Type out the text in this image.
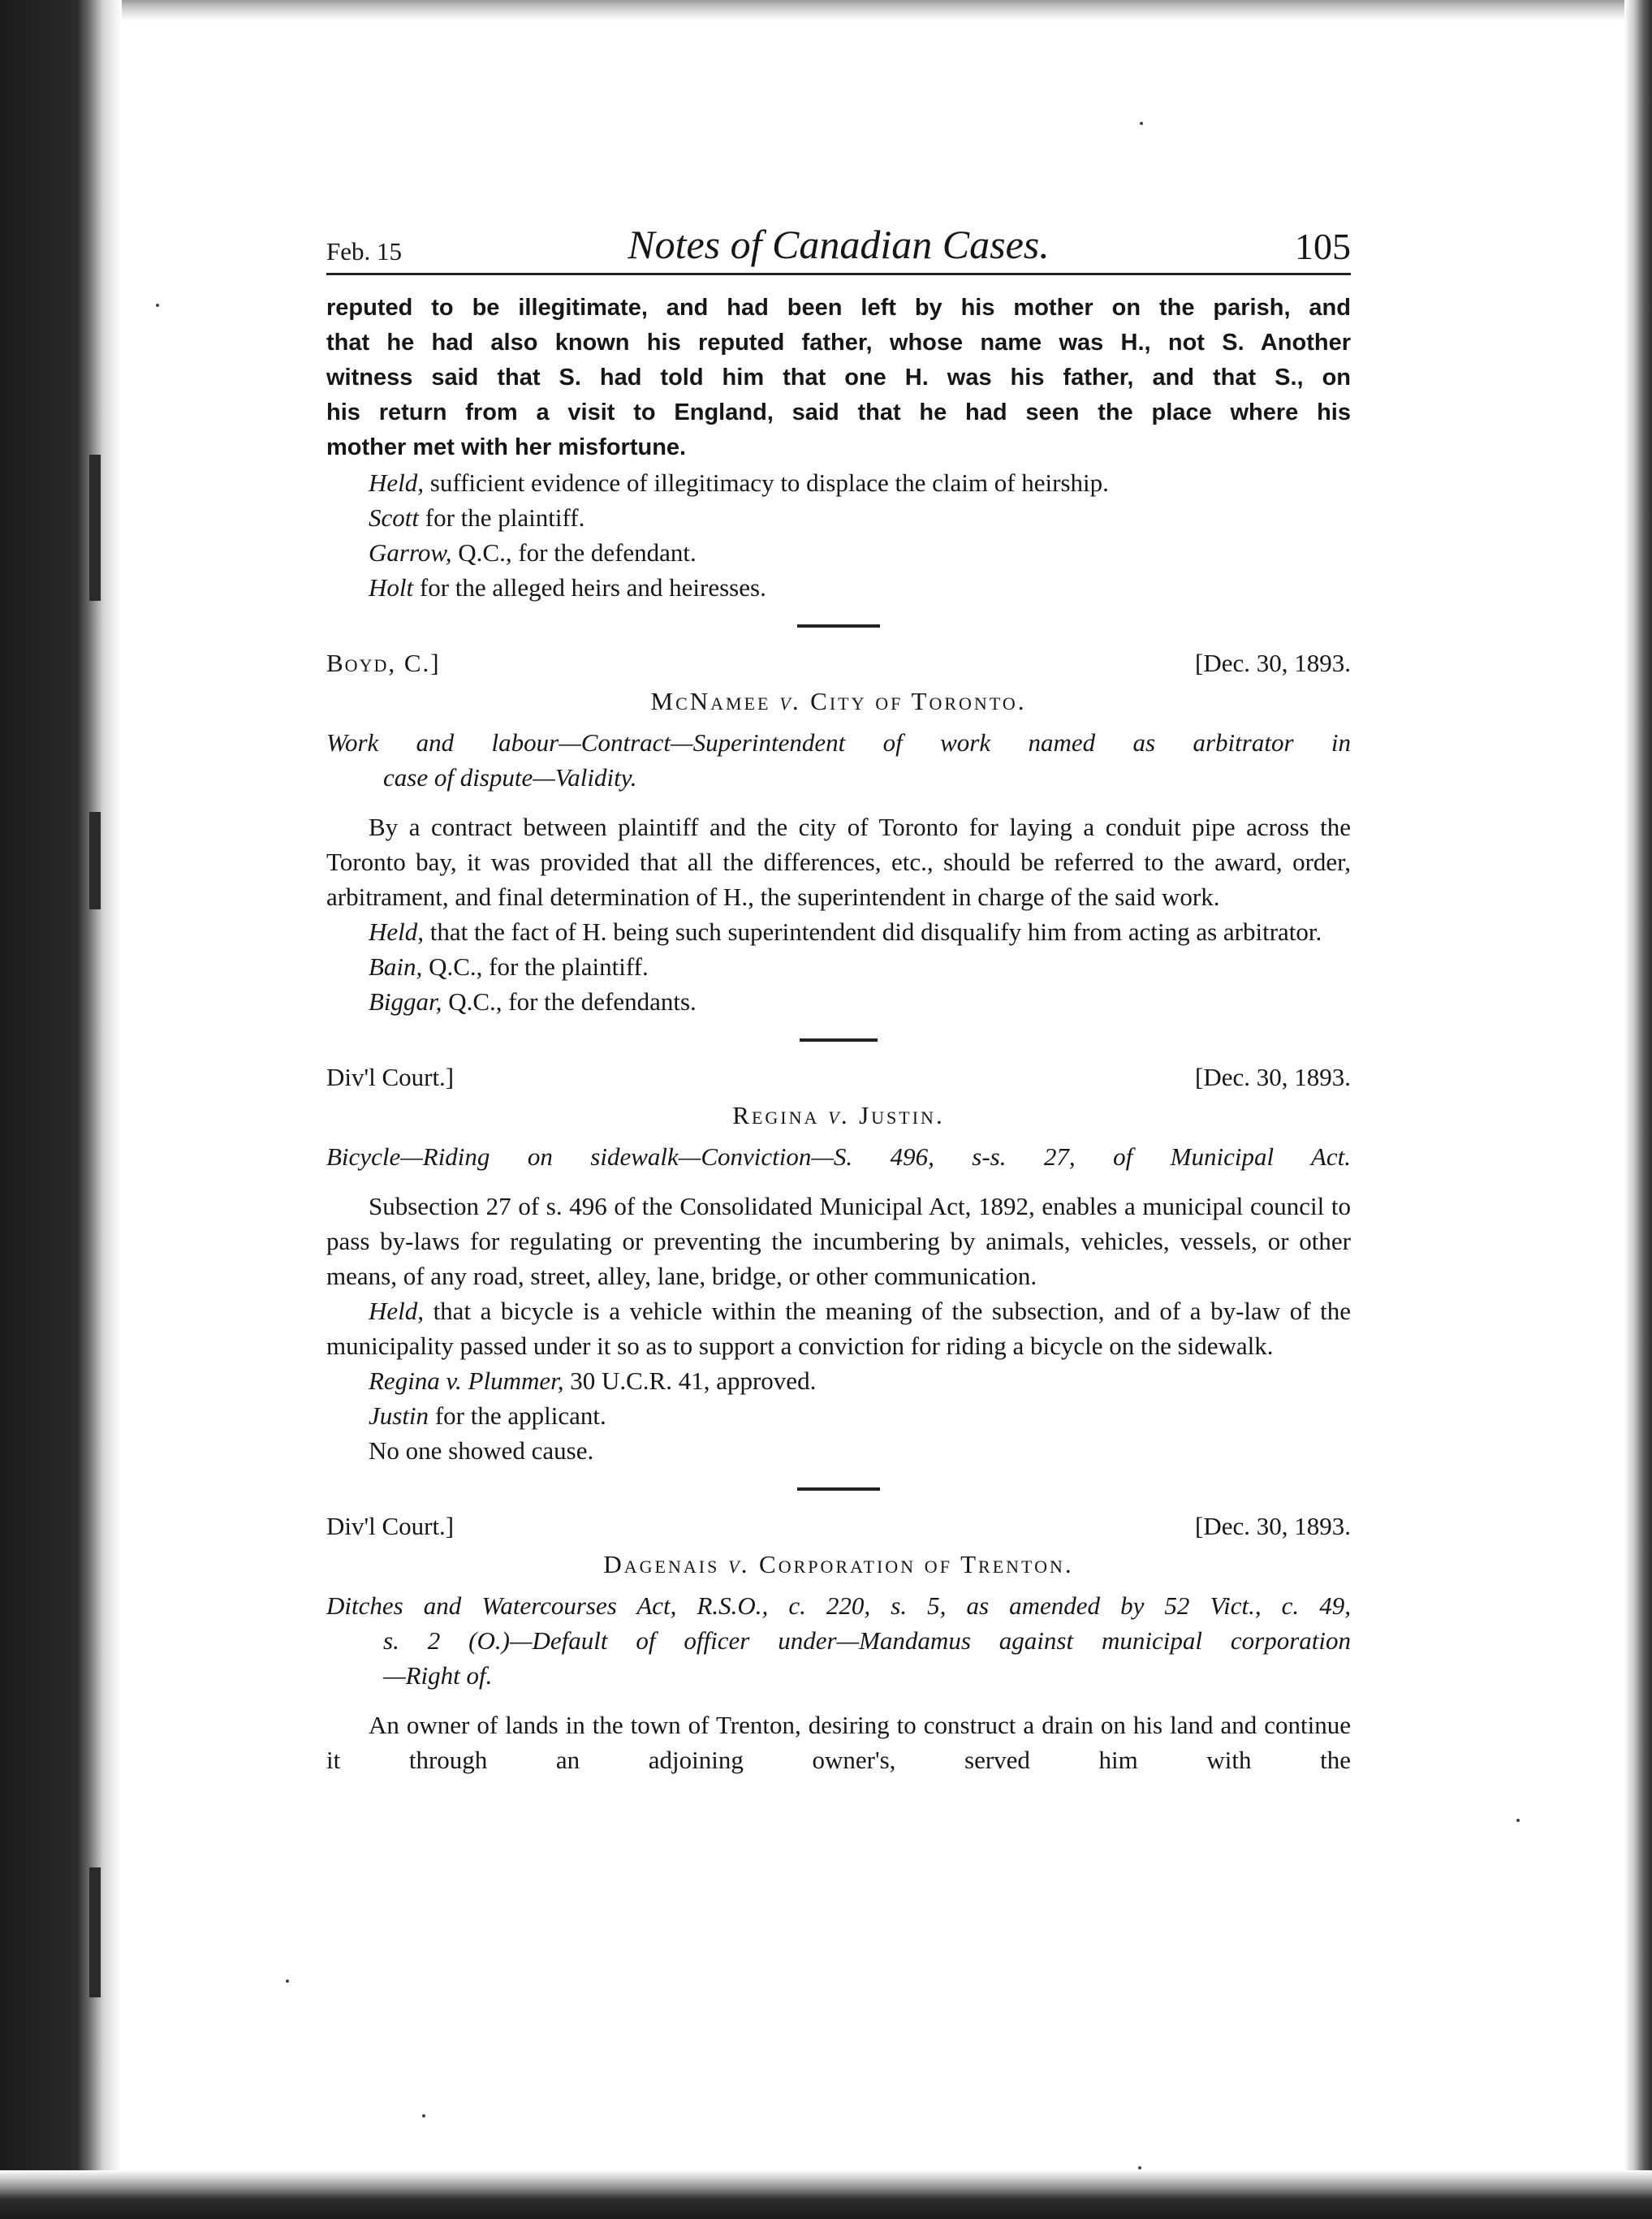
Feb. 15	Notes of Canadian Cases.	105

reputed to be illegitimate, and had been left by his mother on the parish, and

that he had also known his reputed father, whose name was H., not S. Another

witness said that S. had told him that one H. was his father, and that S., on

his return from a visit to England, said that he had seen the place where his

mother met with her misfortune.

Held, sufficient evidence of illegitimacy to displace the claim of heirship.

Scott for the plaintiff.

Garrow, Q.C., for the defendant.

Holt for the alleged heirs and heiresses.

Boyd, C.]	[Dec. 30, 1893.
McNamee v. City of Toronto.
Work and labour—Contract—Superintendent of work named as arbitrator in
case of dispute—Validity.

By a contract between plaintiff and the city of Toronto for laying a conduit pipe across the Toronto bay, it was provided that all the differences, etc., should be referred to the award, order, arbitrament, and final determination of H., the superintendent in charge of the said work.

Held, that the fact of H. being such superintendent did disqualify him from acting as arbitrator.

Bain, Q.C., for the plaintiff.

Biggar, Q.C., for the defendants.

Div'l Court.]	[Dec. 30, 1893.
Regina v. Justin.
Bicycle—Riding on sidewalk—Conviction—S. 496, s-s. 27, of Municipal Act.

Subsection 27 of s. 496 of the Consolidated Municipal Act, 1892, enables a municipal council to pass by-laws for regulating or preventing the incumbering by animals, vehicles, vessels, or other means, of any road, street, alley, lane, bridge, or other communication.

Held, that a bicycle is a vehicle within the meaning of the subsection, and of a by-law of the municipality passed under it so as to support a conviction for riding a bicycle on the sidewalk.

Regina v. Plummer, 30 U.C.R. 41, approved.

Justin for the applicant.

No one showed cause.

Div'l Court.]	[Dec. 30, 1893.
Dagenais v. Corporation of Trenton.
Ditches and Watercourses Act, R.S.O., c. 220, s. 5, as amended by 52 Vict., c. 49,
s. 2 (O.)—Default of officer under—Mandamus against municipal corporation
—Right of.

An owner of lands in the town of Trenton, desiring to construct a drain on his land and continue it through an adjoining owner's, served him with the
